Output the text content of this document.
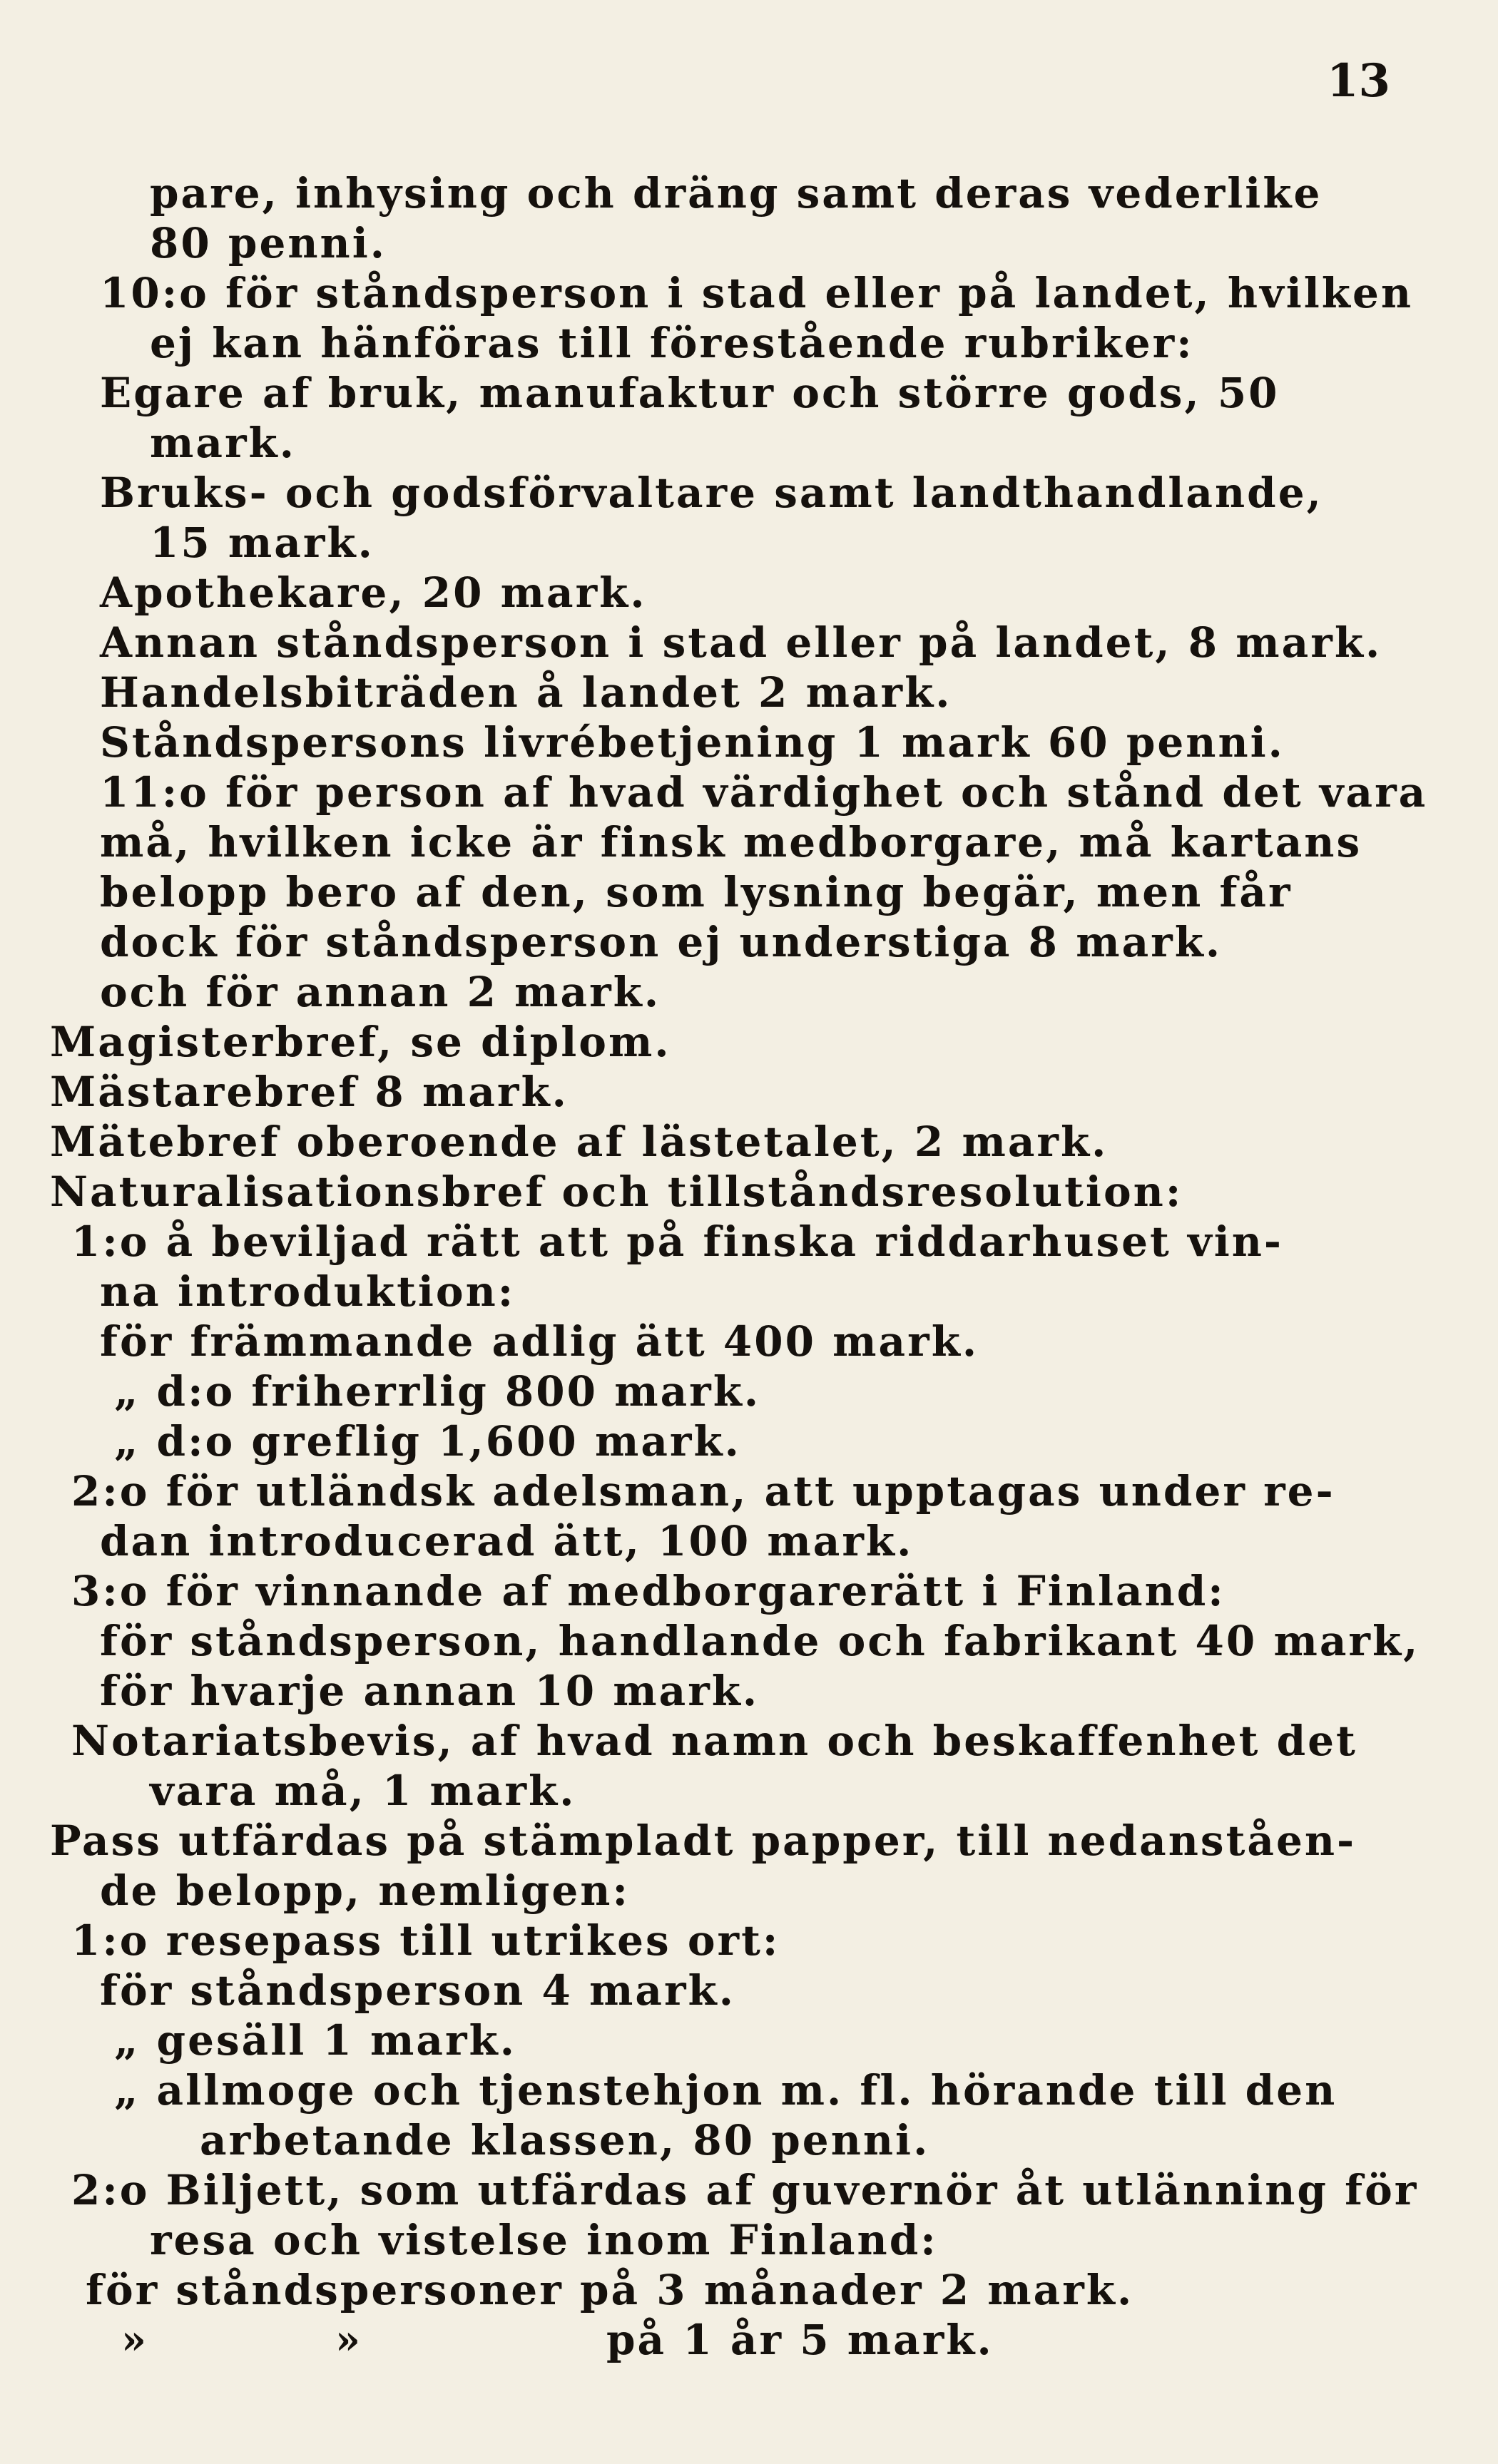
13
pare, inhysing och dräng samt deras vederlike
80 penni.
10:o för ståndsperson i stad eller på landet, hvilken
ej kan hänföras till förestående rubriker:
Egare af bruk, manufaktur och större gods, 50
mark.
Bruks- och godsförvaltare samt landthandlande,
15 mark.
Apothekare, 20 mark.
Annan ståndsperson i stad eller på landet, 8 mark.
Handelsbiträden å landet 2 mark.
Ståndspersons livrébetjening 1 mark 60 penni.
11:o för person af hvad värdighet och stånd det vara
må, hvilken icke är finsk medborgare, må kartans
belopp bero af den, som lysning begär, men får
dock för ståndsperson ej understiga 8 mark.
och för annan 2 mark.
Magisterbref, se diplom.
Mästarebref 8 mark.
Mätebref oberoende af lästetalet, 2 mark.
Naturalisationsbref och tillståndsresolution:
1:o å beviljad rätt att på finska riddarhuset vin-
na introduktion:
för främmande adlig ätt 400 mark.
„ d:o friherrlig 800 mark.
„ d:o greflig 1,600 mark.
2:o för utländsk adelsman, att upptagas under re-
dan introducerad ätt, 100 mark.
3:o för vinnande af medborgarerätt i Finland:
för ståndsperson, handlande och fabrikant 40 mark,
för hvarje annan 10 mark.
Notariatsbevis, af hvad namn och beskaffenhet det
vara må, 1 mark.
Pass utfärdas på stämpladt papper, till nedanståen-
de belopp, nemligen:
1:o resepass till utrikes ort:
för ståndsperson 4 mark.
„ gesäll 1 mark.
„ allmoge och tjenstehjon m. fl. hörande till den
arbetande klassen, 80 penni.
2:o Biljett, som utfärdas af guvernör åt utlänning för
resa och vistelse inom Finland:
för ståndspersoner på 3 månader 2 mark.
»	»	på 1 år 5 mark.
